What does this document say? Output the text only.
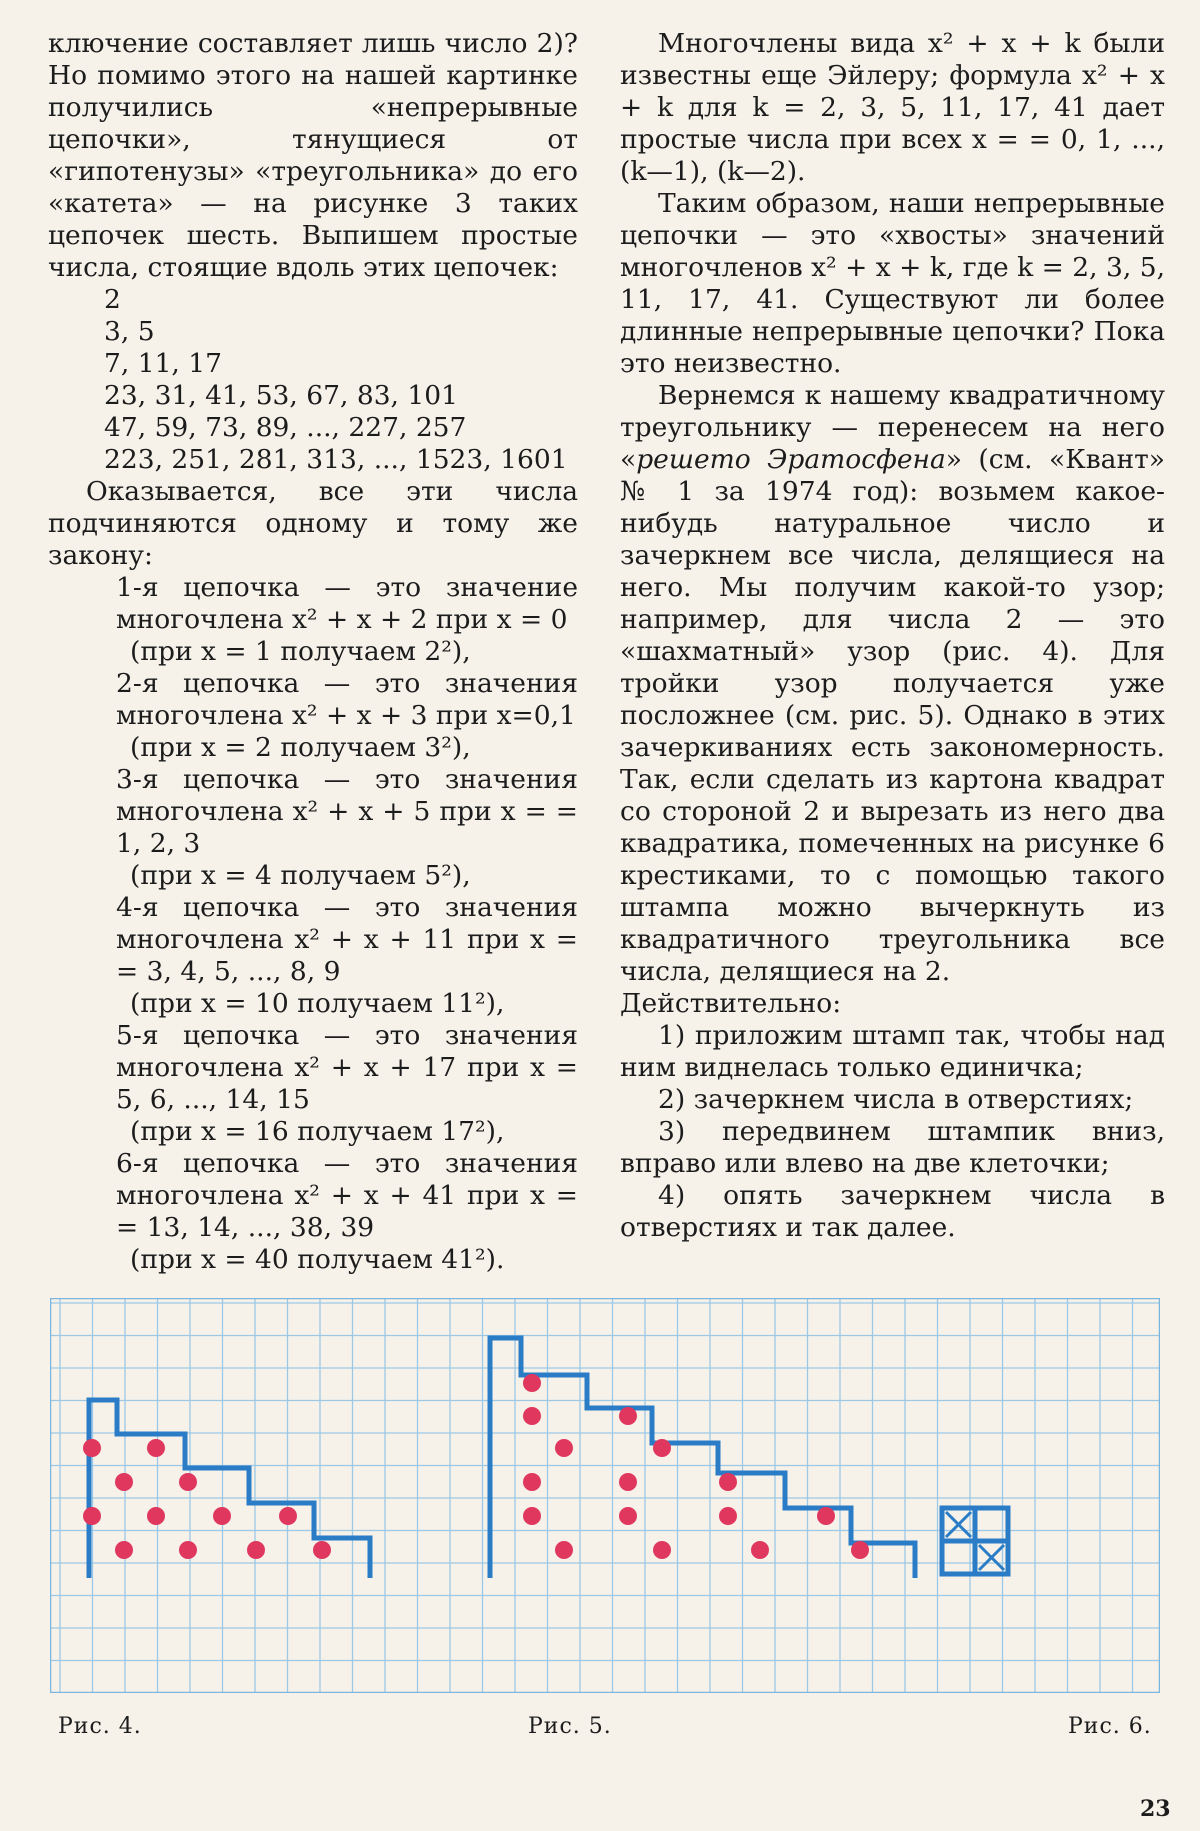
ключение составляет лишь число 2)? Но помимо этого на нашей картинке получились «непрерывные цепочки», тянущиеся от «гипотенузы» «треугольника» до его «катета» — на рисунке 3 таких цепочек шесть. Выпишем простые числа, стоящие вдоль этих цепочек:

2
3, 5
7, 11, 17
23, 31, 41, 53, 67, 83, 101
47, 59, 73, 89, ..., 227, 257
223, 251, 281, 313, ..., 1523, 1601

Оказывается, все эти числа подчиняются одному и тому же закону:

1-я цепочка — это значение многочлена x² + x + 2 при x = 0

(при x = 1 получаем 2²),

2-я цепочка — это значения многочлена x² + x + 3 при x=0,1

(при x = 2 получаем 3²),

3-я цепочка — это значения многочлена x² + x + 5 при x = = 1, 2, 3

(при x = 4 получаем 5²),

4-я цепочка — это значения многочлена x² + x + 11 при x = = 3, 4, 5, ..., 8, 9

(при x = 10 получаем 11²),

5-я цепочка — это значения многочлена x² + x + 17 при x = 5, 6, ..., 14, 15

(при x = 16 получаем 17²),

6-я цепочка — это значения многочлена x² + x + 41 при x = = 13, 14, ..., 38, 39

(при x = 40 получаем 41²).

Многочлены вида x² + x + k были известны еще Эйлеру; формула x² + x + k для k = 2, 3, 5, 11, 17, 41 дает простые числа при всех x = = 0, 1, ..., (k—1), (k—2).

Таким образом, наши непрерывные цепочки — это «хвосты» значений многочленов x² + x + k, где k = 2, 3, 5, 11, 17, 41. Существуют ли более длинные непрерывные цепочки? Пока это неизвестно.

Вернемся к нашему квадратичному треугольнику — перенесем на него «решето Эратосфена» (см. «Квант» № 1 за 1974 год): возьмем какое-нибудь натуральное число и зачеркнем все числа, делящиеся на него. Мы получим какой-то узор; например, для числа 2 — это «шахматный» узор (рис. 4). Для тройки узор получается уже посложнее (см. рис. 5). Однако в этих зачеркиваниях есть закономерность. Так, если сделать из картона квадрат со стороной 2 и вырезать из него два квадратика, помеченных на рисунке 6 крестиками, то с помощью такого штампа можно вычеркнуть из квадратичного треугольника все числа, делящиеся на 2.

Действительно:

1) приложим штамп так, чтобы над ним виднелась только единичка;

2) зачеркнем числа в отверстиях;

3) передвинем штампик вниз, вправо или влево на две клеточки;

4) опять зачеркнем числа в отверстиях и так далее.

Рис. 4.	Рис. 5.	Рис. 6.
23
